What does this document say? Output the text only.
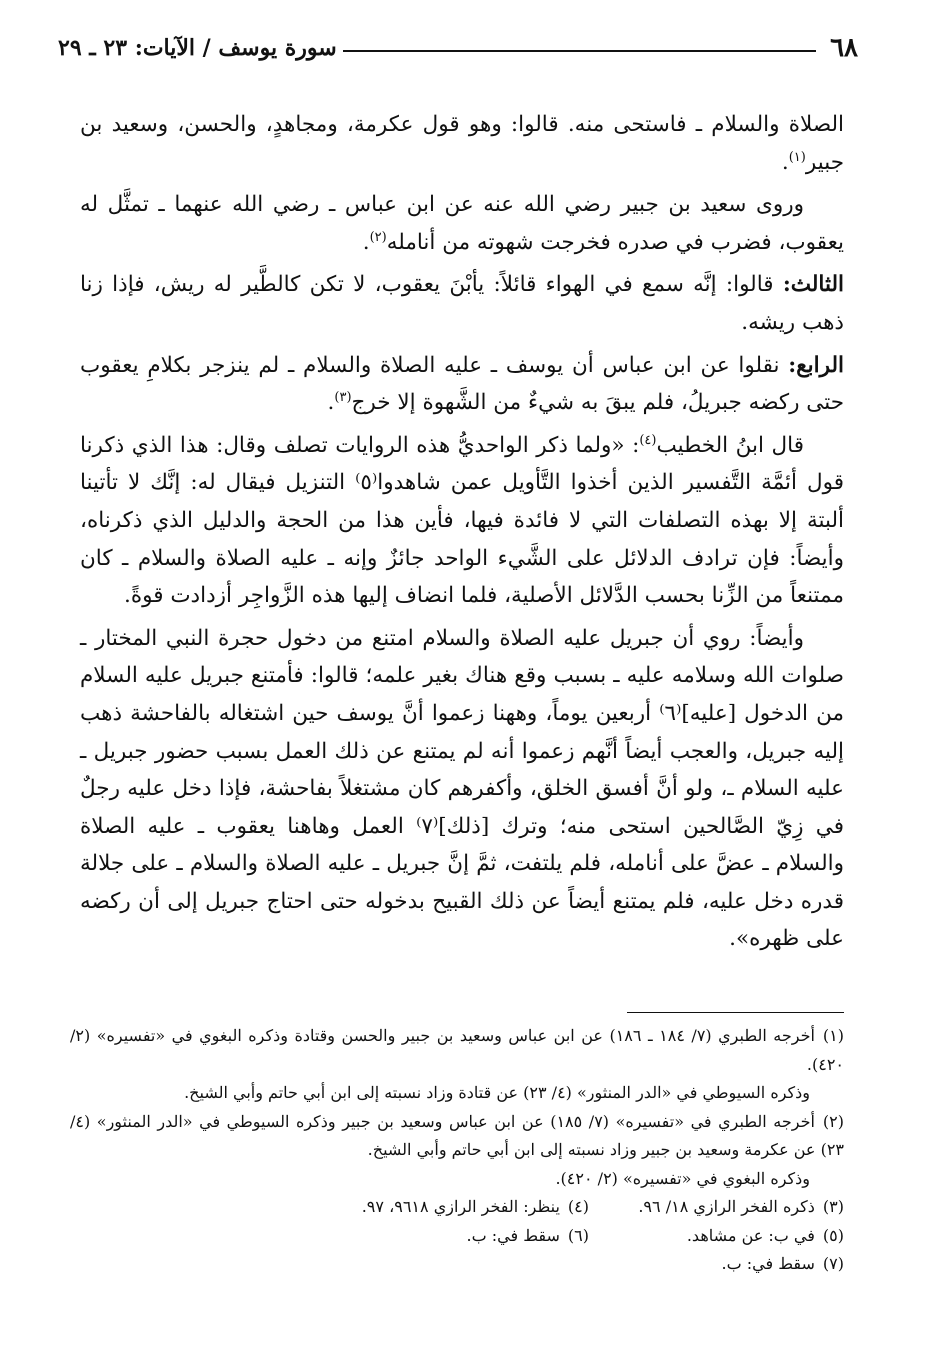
٦٨
سورة يوسف / الآيات: ٢٣ ـ ٢٩

الصلاة والسلام ـ فاستحى منه. قالوا: وهو قول عكرمة، ومجاهدٍ، والحسن، وسعيد بن جبير$^{(١)}$.

وروى سعيد بن جبير رضي الله عنه عن ابن عباس ـ رضي الله عنهما ـ تمثَّل له يعقوب، فضرب في صدره فخرجت شهوته من أنامله$^{(٢)}$.

الثالث: قالوا: إنَّه سمع في الهواء قائلاً: يأبْنَ يعقوب، لا تكن كالطَّير له ريش، فإذا زنا ذهب ريشه.

الرابع: نقلوا عن ابن عباس أن يوسف ـ عليه الصلاة والسلام ـ لم ينزجر بكلامِ يعقوب حتى ركضه جبريلُ، فلم يبقَ به شيءٌ من الشَّهوة إلا خرج$^{(٣)}$.

قال ابنُ الخطيب$^{(٤)}$: «ولما ذكر الواحديُّ هذه الروايات تصلف وقال: هذا الذي ذكرنا قول أئمَّة التَّفسير الذين أخذوا التَّأويل عمن شاهدوا⁽٥⁾ التنزيل فيقال له: إنَّك لا تأتينا ألبتة إلا بهذه التصلفات التي لا فائدة فيها، فأين هذا من الحجة والدليل الذي ذكرناه، وأيضاً: فإن ترادف الدلائل على الشَّيء الواحد جائزٌ وإنه ـ عليه الصلاة والسلام ـ كان ممتنعاً من الزِّنا بحسب الدَّلائل الأصلية، فلما انضاف إليها هذه الزَّواجِر أزدادت قوةً.

وأيضاً: روي أن جبريل عليه الصلاة والسلام امتنع من دخول حجرة النبي المختار ـ صلوات الله وسلامه عليه ـ بسبب وقع هناك بغير علمه؛ قالوا: فأمتنع جبريل عليه السلام من الدخول [عليه]⁽٦⁾ أربعين يوماً، وههنا زعموا أنَّ يوسف حين اشتغاله بالفاحشة ذهب إليه جبريل، والعجب أيضاً أنَّهم زعموا أنه لم يمتنع عن ذلك العمل بسبب حضور جبريل ـ عليه السلام ـ، ولو أنَّ أفسق الخلق، وأكفرهم كان مشتغلاً بفاحشة، فإذا دخل عليه رجلٌ في زِيّ الصَّالحين استحى منه؛ وترك [ذلك]⁽٧⁾ العمل وهاهنا يعقوب ـ عليه الصلاة والسلام ـ عضَّ على أنامله، فلم يلتفت، ثمَّ إنَّ جبريل ـ عليه الصلاة والسلام ـ على جلالة قدره دخل عليه، فلم يمتنع أيضاً عن ذلك القبيح بدخوله حتى احتاج جبريل إلى أن ركضه على ظهره».

(١)أخرجه الطبري (٧/ ١٨٤ ـ ١٨٦) عن ابن عباس وسعيد بن جبير والحسن وقتادة وذكره البغوي في «تفسيره» (٢/ ٤٢٠).

وذكره السيوطي في «الدر المنثور» (٤/ ٢٣) عن قتادة وزاد نسبته إلى ابن أبي حاتم وأبي الشيخ.

(٢)أخرجه الطبري في «تفسيره» (٧/ ١٨٥) عن ابن عباس وسعيد بن جبير وذكره السيوطي في «الدر المنثور» (٤/ ٢٣) عن عكرمة وسعيد بن جبير وزاد نسبته إلى ابن أبي حاتم وأبي الشيخ.

وذكره البغوي في «تفسيره» (٢/ ٤٢٠).

(٣)ذكره الفخر الرازي ١٨/ ٩٦.

(٤)ينظر: الفخر الرازي ٩٦١٨، ٩٧.

(٥)في ب: عن مشاهد.

(٦)سقط في: ب.

(٧)سقط في: ب.
